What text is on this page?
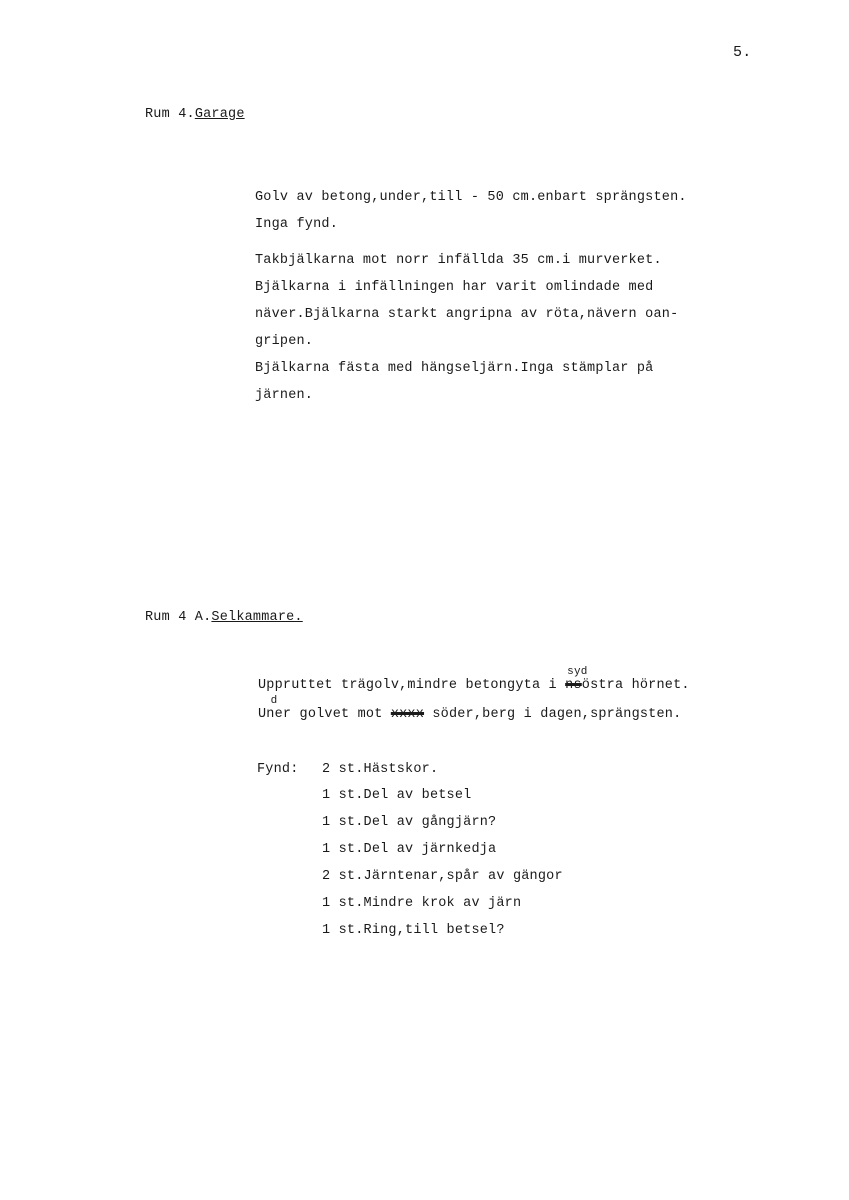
5.
Rum 4.Garage
Golv av betong,under,till - 50 cm.enbart sprängsten.
Inga fynd.
Takbjälkarna mot norr infällda 35 cm.i murverket.
Bjälkarna i infällningen har varit omlindade med
näver.Bjälkarna starkt angripna av röta,nävern oan-
gripen.
Bjälkarna fästa med hängseljärn.Inga stämplar på
järnen.
Rum 4 A.Selkammare.
Uppruttet trägolv,mindre betongyta i
syd
nsöstra hörnet.
Un
d
er golvet mot xxxx söder,berg i dagen,sprängsten.
Fynd: 2 st.Hästskor.
1 st.Del av betsel
1 st.Del av gångjärn?
1 st.Del av järnkedja
2 st.Järntenar,spår av gängor
1 st.Mindre krok av järn
1 st.Ring,till betsel?
